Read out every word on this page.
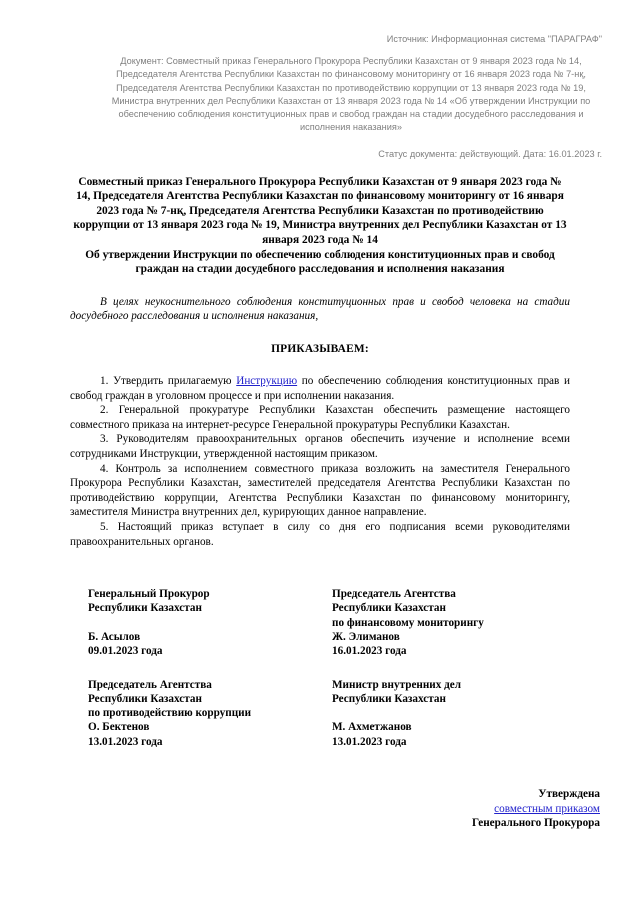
Источник: Информационная система "ПАРАГРАФ"
Документ: Совместный приказ Генерального Прокурора Республики Казахстан от 9 января 2023 года № 14, Председателя Агентства Республики Казахстан по финансовому мониторингу от 16 января 2023 года № 7-нқ, Председателя Агентства Республики Казахстан по противодействию коррупции от 13 января 2023 года № 19, Министра внутренних дел Республики Казахстан от 13 января 2023 года № 14 «Об утверждении Инструкции по обеспечению соблюдения конституционных прав и свобод граждан на стадии досудебного расследования и исполнения наказания»
Статус документа: действующий. Дата: 16.01.2023 г.
Совместный приказ Генерального Прокурора Республики Казахстан от 9 января 2023 года № 14, Председателя Агентства Республики Казахстан по финансовому мониторингу от 16 января 2023 года № 7-нқ, Председателя Агентства Республики Казахстан по противодействию коррупции от 13 января 2023 года № 19, Министра внутренних дел Республики Казахстан от 13 января 2023 года № 14
Об утверждении Инструкции по обеспечению соблюдения конституционных прав и свобод граждан на стадии досудебного расследования и исполнения наказания

В целях неукоснительного соблюдения конституционных прав и свобод человека на стадии досудебного расследования и исполнения наказания,

ПРИКАЗЫВАЕМ:

1. Утвердить прилагаемую Инструкцию по обеспечению соблюдения конституционных прав и свобод граждан в уголовном процессе и при исполнении наказания.

2. Генеральной прокуратуре Республики Казахстан обеспечить размещение настоящего совместного приказа на интернет-ресурсе Генеральной прокуратуры Республики Казахстан.

3. Руководителям правоохранительных органов обеспечить изучение и исполнение всеми сотрудниками Инструкции, утвержденной настоящим приказом.

4. Контроль за исполнением совместного приказа возложить на заместителя Генерального Прокурора Республики Казахстан, заместителей председателя Агентства Республики Казахстан по противодействию коррупции, Агентства Республики Казахстан по финансовому мониторингу, заместителя Министра внутренних дел, курирующих данное направление.

5. Настоящий приказ вступает в силу со дня его подписания всеми руководителями правоохранительных органов.

Генеральный Прокурор
Республики Казахстан
Б. Асылов
09.01.2023 года
Председатель Агентства
Республики Казахстан
по финансовому мониторингу
Ж. Элиманов
16.01.2023 года
Председатель Агентства
Республики Казахстан
по противодействию коррупции
О. Бектенов
13.01.2023 года
Министр внутренних дел
Республики Казахстан
М. Ахметжанов
13.01.2023 года
Утверждена
совместным приказом
Генерального Прокурора
